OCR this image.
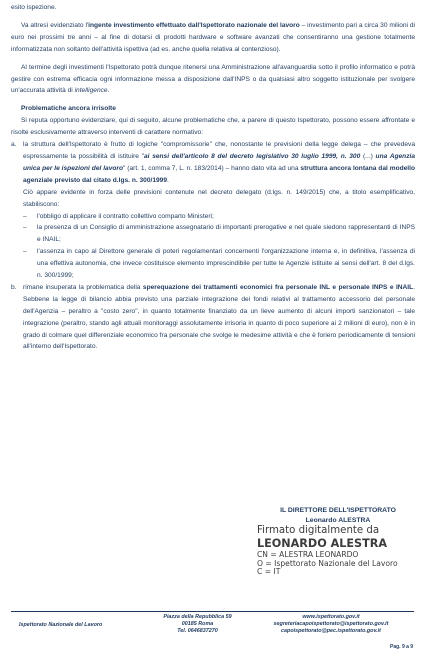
esito ispezione.

Va altresì evidenziato l'ingente investimento effettuato dall'Ispettorato nazionale del lavoro – investimento pari a circa 30 milioni di euro nei prossimi tre anni – al fine di dotarsi di prodotti hardware e software avanzati che consentiranno una gestione totalmente informatizzata non soltanto dell'attività ispettiva (ad es. anche quella relativa al contenzioso).

Al termine degli investimenti l'Ispettorato potrà dunque ritenersi una Amministrazione all'avanguardia sotto il profilo informatico e potrà gestire con estrema efficacia ogni informazione messa a disposizione dall'INPS o da qualsiasi altro soggetto istituzionale per svolgere un'accurata attività di intelligence.

Problematiche ancora irrisolte

Si reputa opportuno evidenziare, qui di seguito, alcune problematiche che, a parere di questo Ispettorato, possono essere affrontate e risolte esclusivamente attraverso interventi di carattere normativo:

a. la struttura dell'Ispettorato è frutto di logiche "compromissorie" che, nonostante le previsioni della legge delega – che prevedeva espressamente la possibilità di istituire "ai sensi dell'articolo 8 del decreto legislativo 30 luglio 1999, n. 300 (...) una Agenzia unica per le ispezioni del lavoro" (art. 1, comma 7, L. n. 183/2014) – hanno dato vita ad una struttura ancora lontana dal modello agenziale previsto dal citato d.lgs. n. 300/1999.

Ciò appare evidente in forza delle previsioni contenute nel decreto delegato (d.lgs. n. 149/2015) che, a titolo esemplificativo, stabiliscono:

– l'obbligo di applicare il contratto collettivo comparto Ministeri;

– la presenza di un Consiglio di amministrazione assegnatario di importanti prerogative e nel quale siedono rappresentanti di INPS e INAIL;

– l'assenza in capo al Direttore generale di poteri regolamentari concernenti l'organizzazione interna e, in definitiva, l'assenza di una effettiva autonomia, che invece costituisce elemento imprescindibile per tutte le Agenzie istituite ai sensi dell'art. 8 del d.lgs. n. 300/1999;

b. rimane insuperata la problematica della sperequazione dei trattamenti economici fra personale INL e personale INPS e INAIL. Sebbene la legge di bilancio abbia previsto una parziale integrazione dei fondi relativi al trattamento accessorio del personale dell'Agenzia – peraltro a "costo zero", in quanto totalmente finanziato da un lieve aumento di alcuni importi sanzionatori – tale integrazione (peraltro, stando agli attuali monitoraggi assolutamente irrisoria in quanto di poco superiore ai 2 milioni di euro), non è in grado di colmare quel differenziale economico fra personale che svolge le medesime attività e che è foriero periodicamente di tensioni all'interno dell'Ispettorato.

IL DIRETTORE DELL'ISPETTORATO
Leonardo ALESTRA
Firmato digitalmente da
LEONARDO ALESTRA
CN = ALESTRA LEONARDO
O = Ispettorato Nazionale del Lavoro
C = IT
Ispettorato Nazionale del Lavoro
Piazza della Repubblica 59
00185 Roma
Tel. 0646837270
www.ispettorato.gov.it
segreteriacapoispettorato@ispettorato.gov.it
capoispettorato@pec.ispettorato.gov.it
Pag. 9 a 9
